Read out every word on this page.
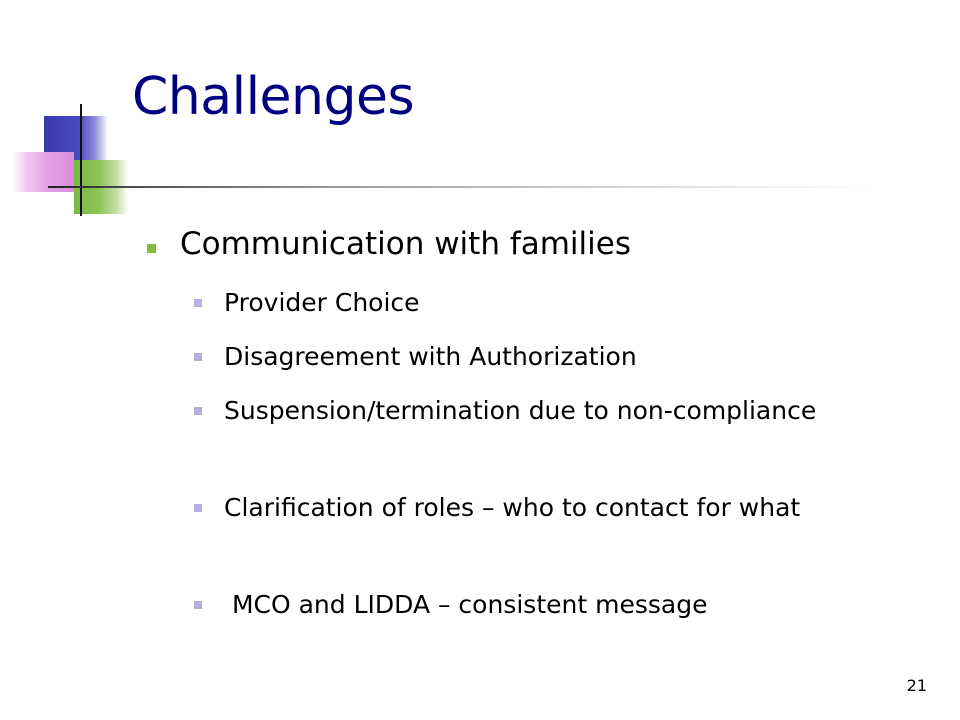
Challenges
Communication with families
Provider Choice
Disagreement with Authorization
Suspension/termination due to non-compliance
Clarification of roles – who to contact for what
MCO and LIDDA – consistent message
21
